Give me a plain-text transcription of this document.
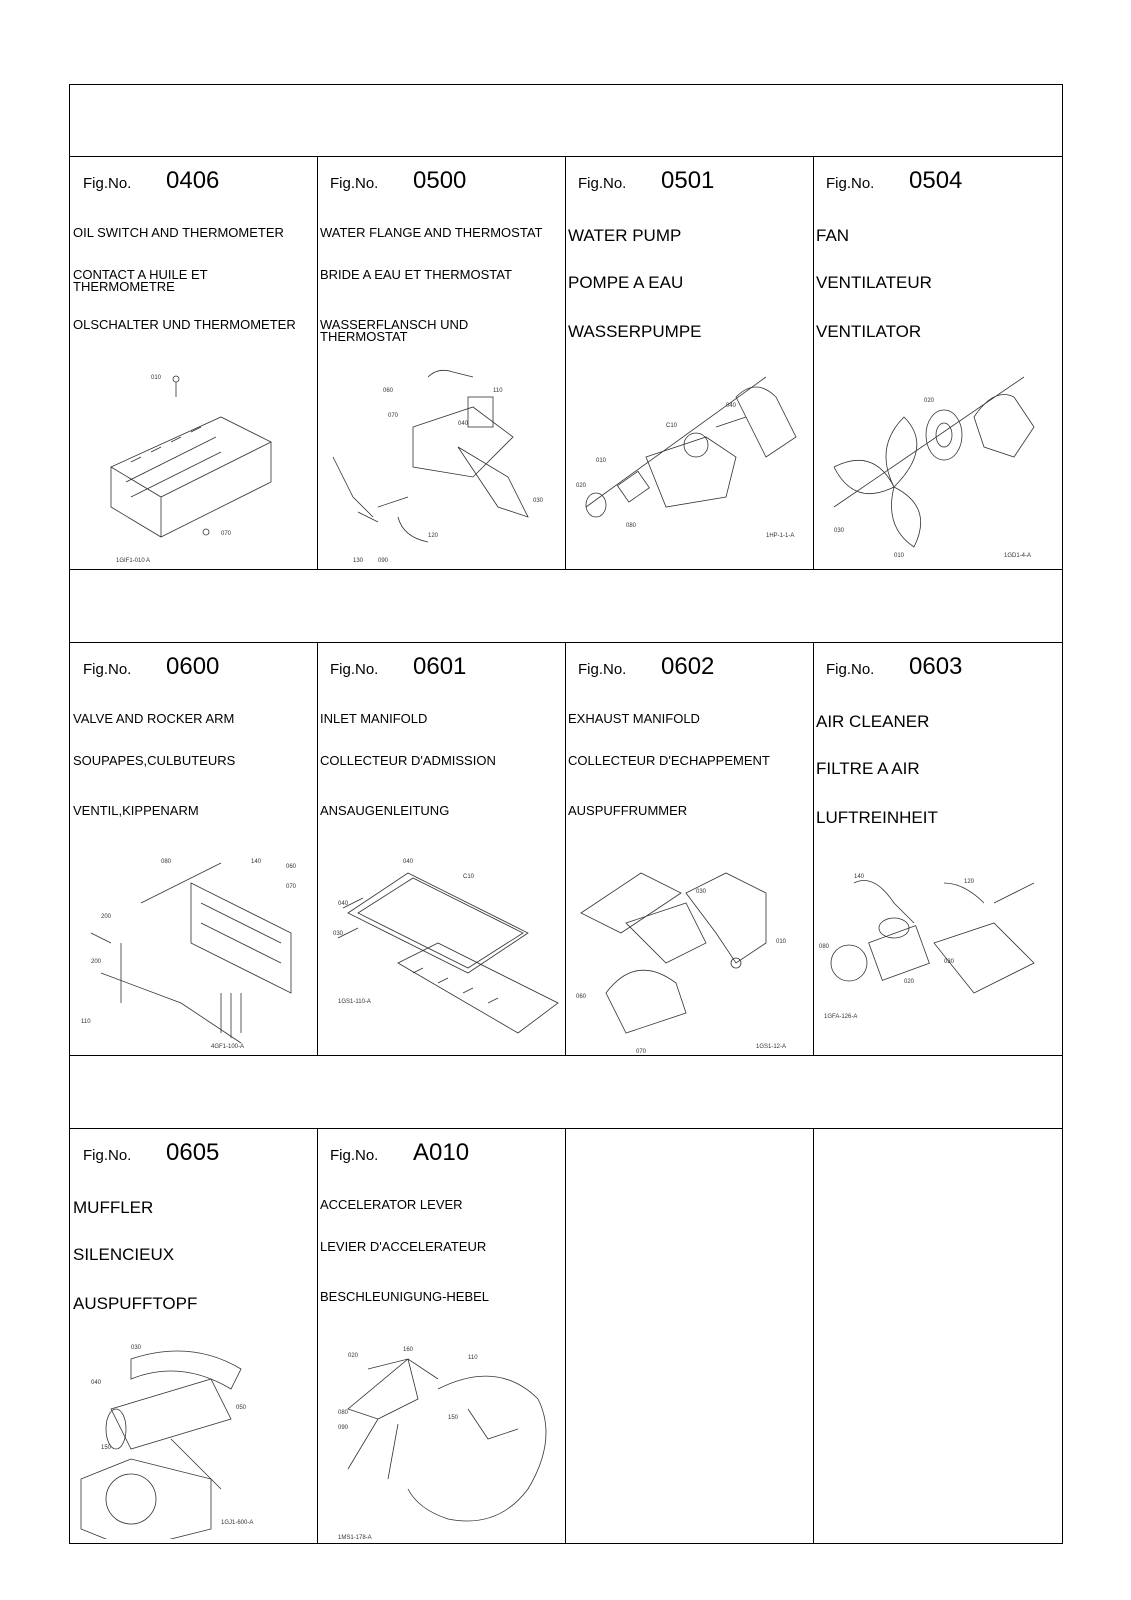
Fig.No. 0406
OIL SWITCH AND THERMOMETER
CONTACT A HUILE ET THERMOMETRE
OLSCHALTER UND THERMOMETER
010
070
1GIF1-010 A
Fig.No. 0500
WATER FLANGE AND THERMOSTAT
BRIDE A EAU ET THERMOSTAT
WASSERFLANSCH UND THERMOSTAT
060
070
110
040
030
120
130 090
Fig.No. 0501
WATER PUMP
POMPE A EAU
WASSERPUMPE
020
010
C10
040
080
1HP-1-1-A
Fig.No. 0504
FAN
VENTILATEUR
VENTILATOR
020
030
010	1GD1-4-A
Fig.No. 0600
VALVE AND ROCKER ARM
SOUPAPES,CULBUTEURS
VENTIL,KIPPENARM
080	140
060
070
200
200
110
4GF1-100-A
Fig.No. 0601
INLET MANIFOLD
COLLECTEUR D'ADMISSION
ANSAUGENLEITUNG
040
C10
040
030
1GS1-110-A
Fig.No. 0602
EXHAUST MANIFOLD
COLLECTEUR D'ECHAPPEMENT
AUSPUFFRUMMER
030
010
060
070
1GS1-12-A
Fig.No. 0603
AIR CLEANER
FILTRE A AIR
LUFTREINHEIT
140
120
080
030
020
1GFA-126-A
Fig.No. 0605
MUFFLER
SILENCIEUX
AUSPUFFTOPF
030
040
050
150
1GJ1-600-A
Fig.No. A010
ACCELERATOR LEVER
LEVIER D'ACCELERATEUR
BESCHLEUNIGUNG-HEBEL
020
160
110
080
090
150
1MS1-178-A
